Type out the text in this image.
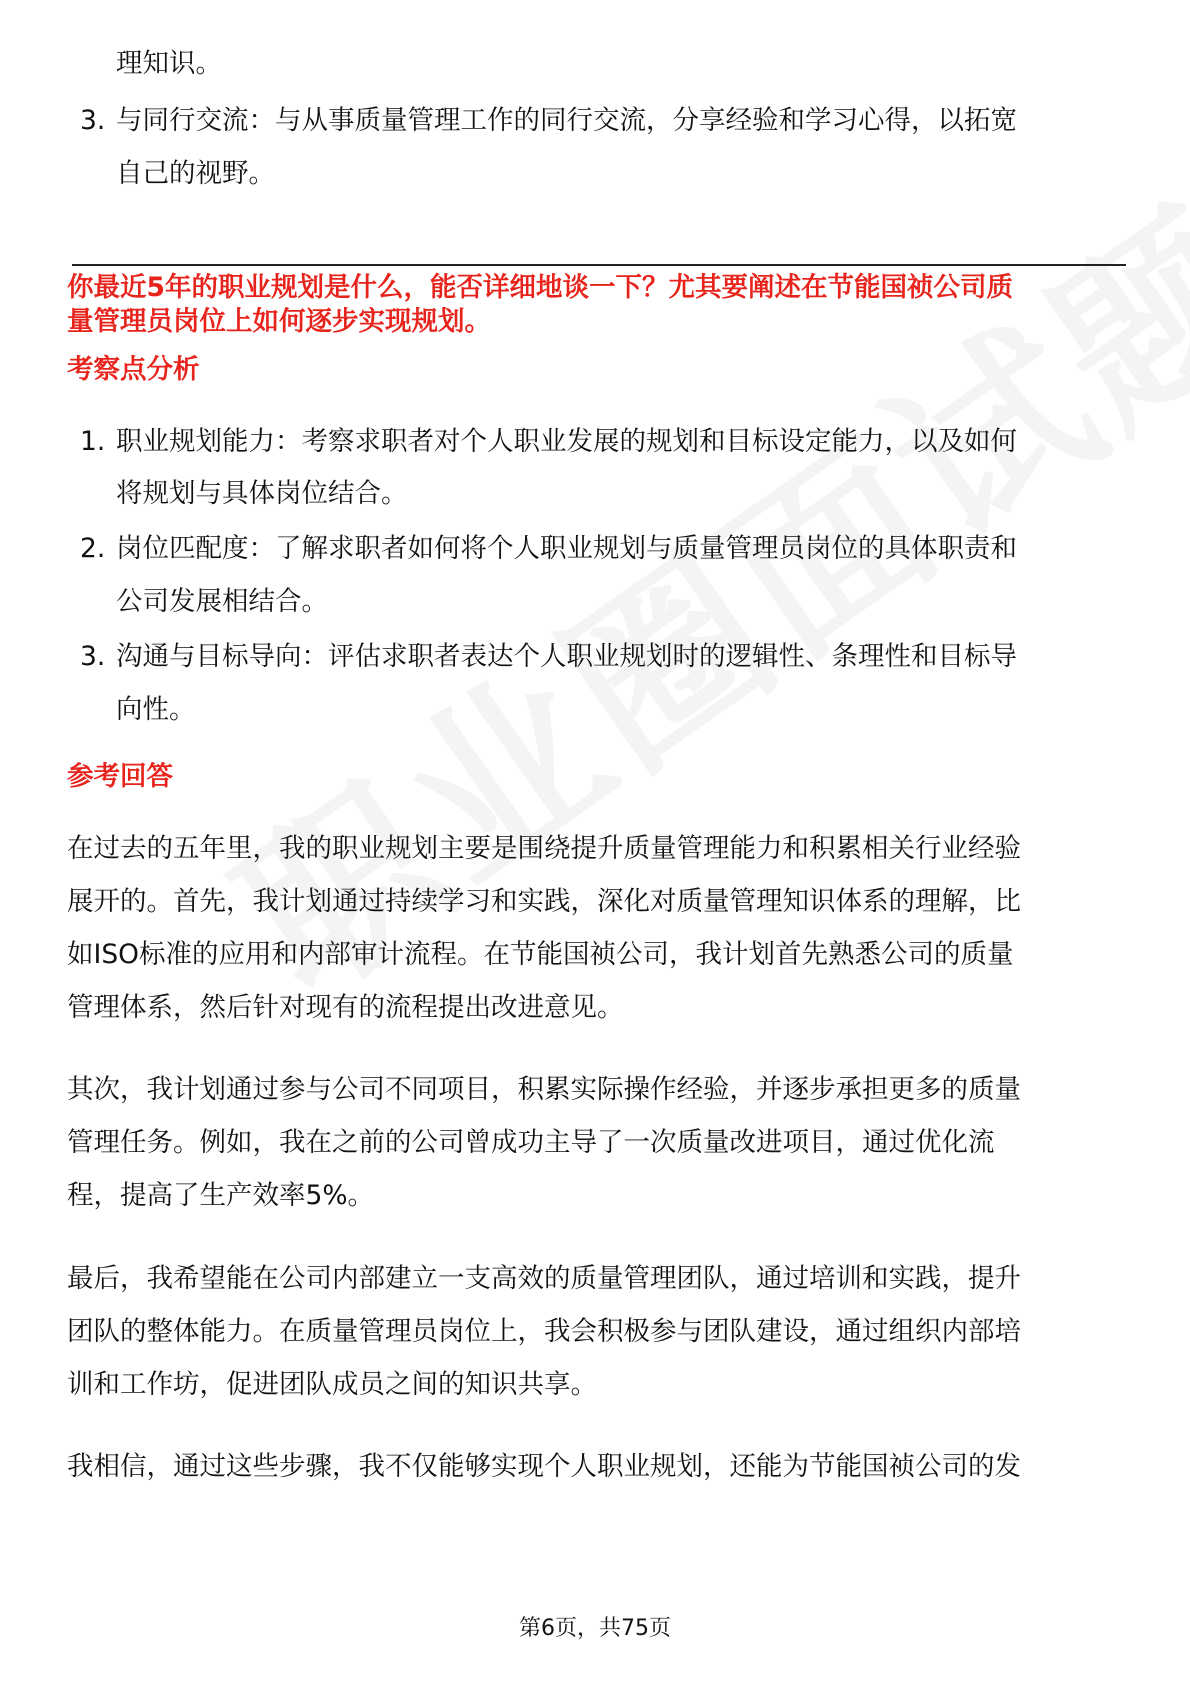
理知识。
3. 与同行交流：与从事质量管理工作的同行交流，分享经验和学习心得，以拓宽
自己的视野。
你最近5年的职业规划是什么，能否详细地谈一下？尤其要阐述在节能国祯公司质
量管理员岗位上如何逐步实现规划。
考察点分析
1. 职业规划能力：考察求职者对个人职业发展的规划和目标设定能力，以及如何
将规划与具体岗位结合。
2. 岗位匹配度：了解求职者如何将个人职业规划与质量管理员岗位的具体职责和
公司发展相结合。
3. 沟通与目标导向：评估求职者表达个人职业规划时的逻辑性、条理性和目标导
向性。
参考回答
在过去的五年里，我的职业规划主要是围绕提升质量管理能力和积累相关行业经验
展开的。首先，我计划通过持续学习和实践，深化对质量管理知识体系的理解，比
如ISO标准的应用和内部审计流程。在节能国祯公司，我计划首先熟悉公司的质量
管理体系，然后针对现有的流程提出改进意见。
其次，我计划通过参与公司不同项目，积累实际操作经验，并逐步承担更多的质量
管理任务。例如，我在之前的公司曾成功主导了一次质量改进项目，通过优化流
程，提高了生产效率5%。
最后，我希望能在公司内部建立一支高效的质量管理团队，通过培训和实践，提升
团队的整体能力。在质量管理员岗位上，我会积极参与团队建设，通过组织内部培
训和工作坊，促进团队成员之间的知识共享。
我相信，通过这些步骤，我不仅能够实现个人职业规划，还能为节能国祯公司的发
第6页，共75页
